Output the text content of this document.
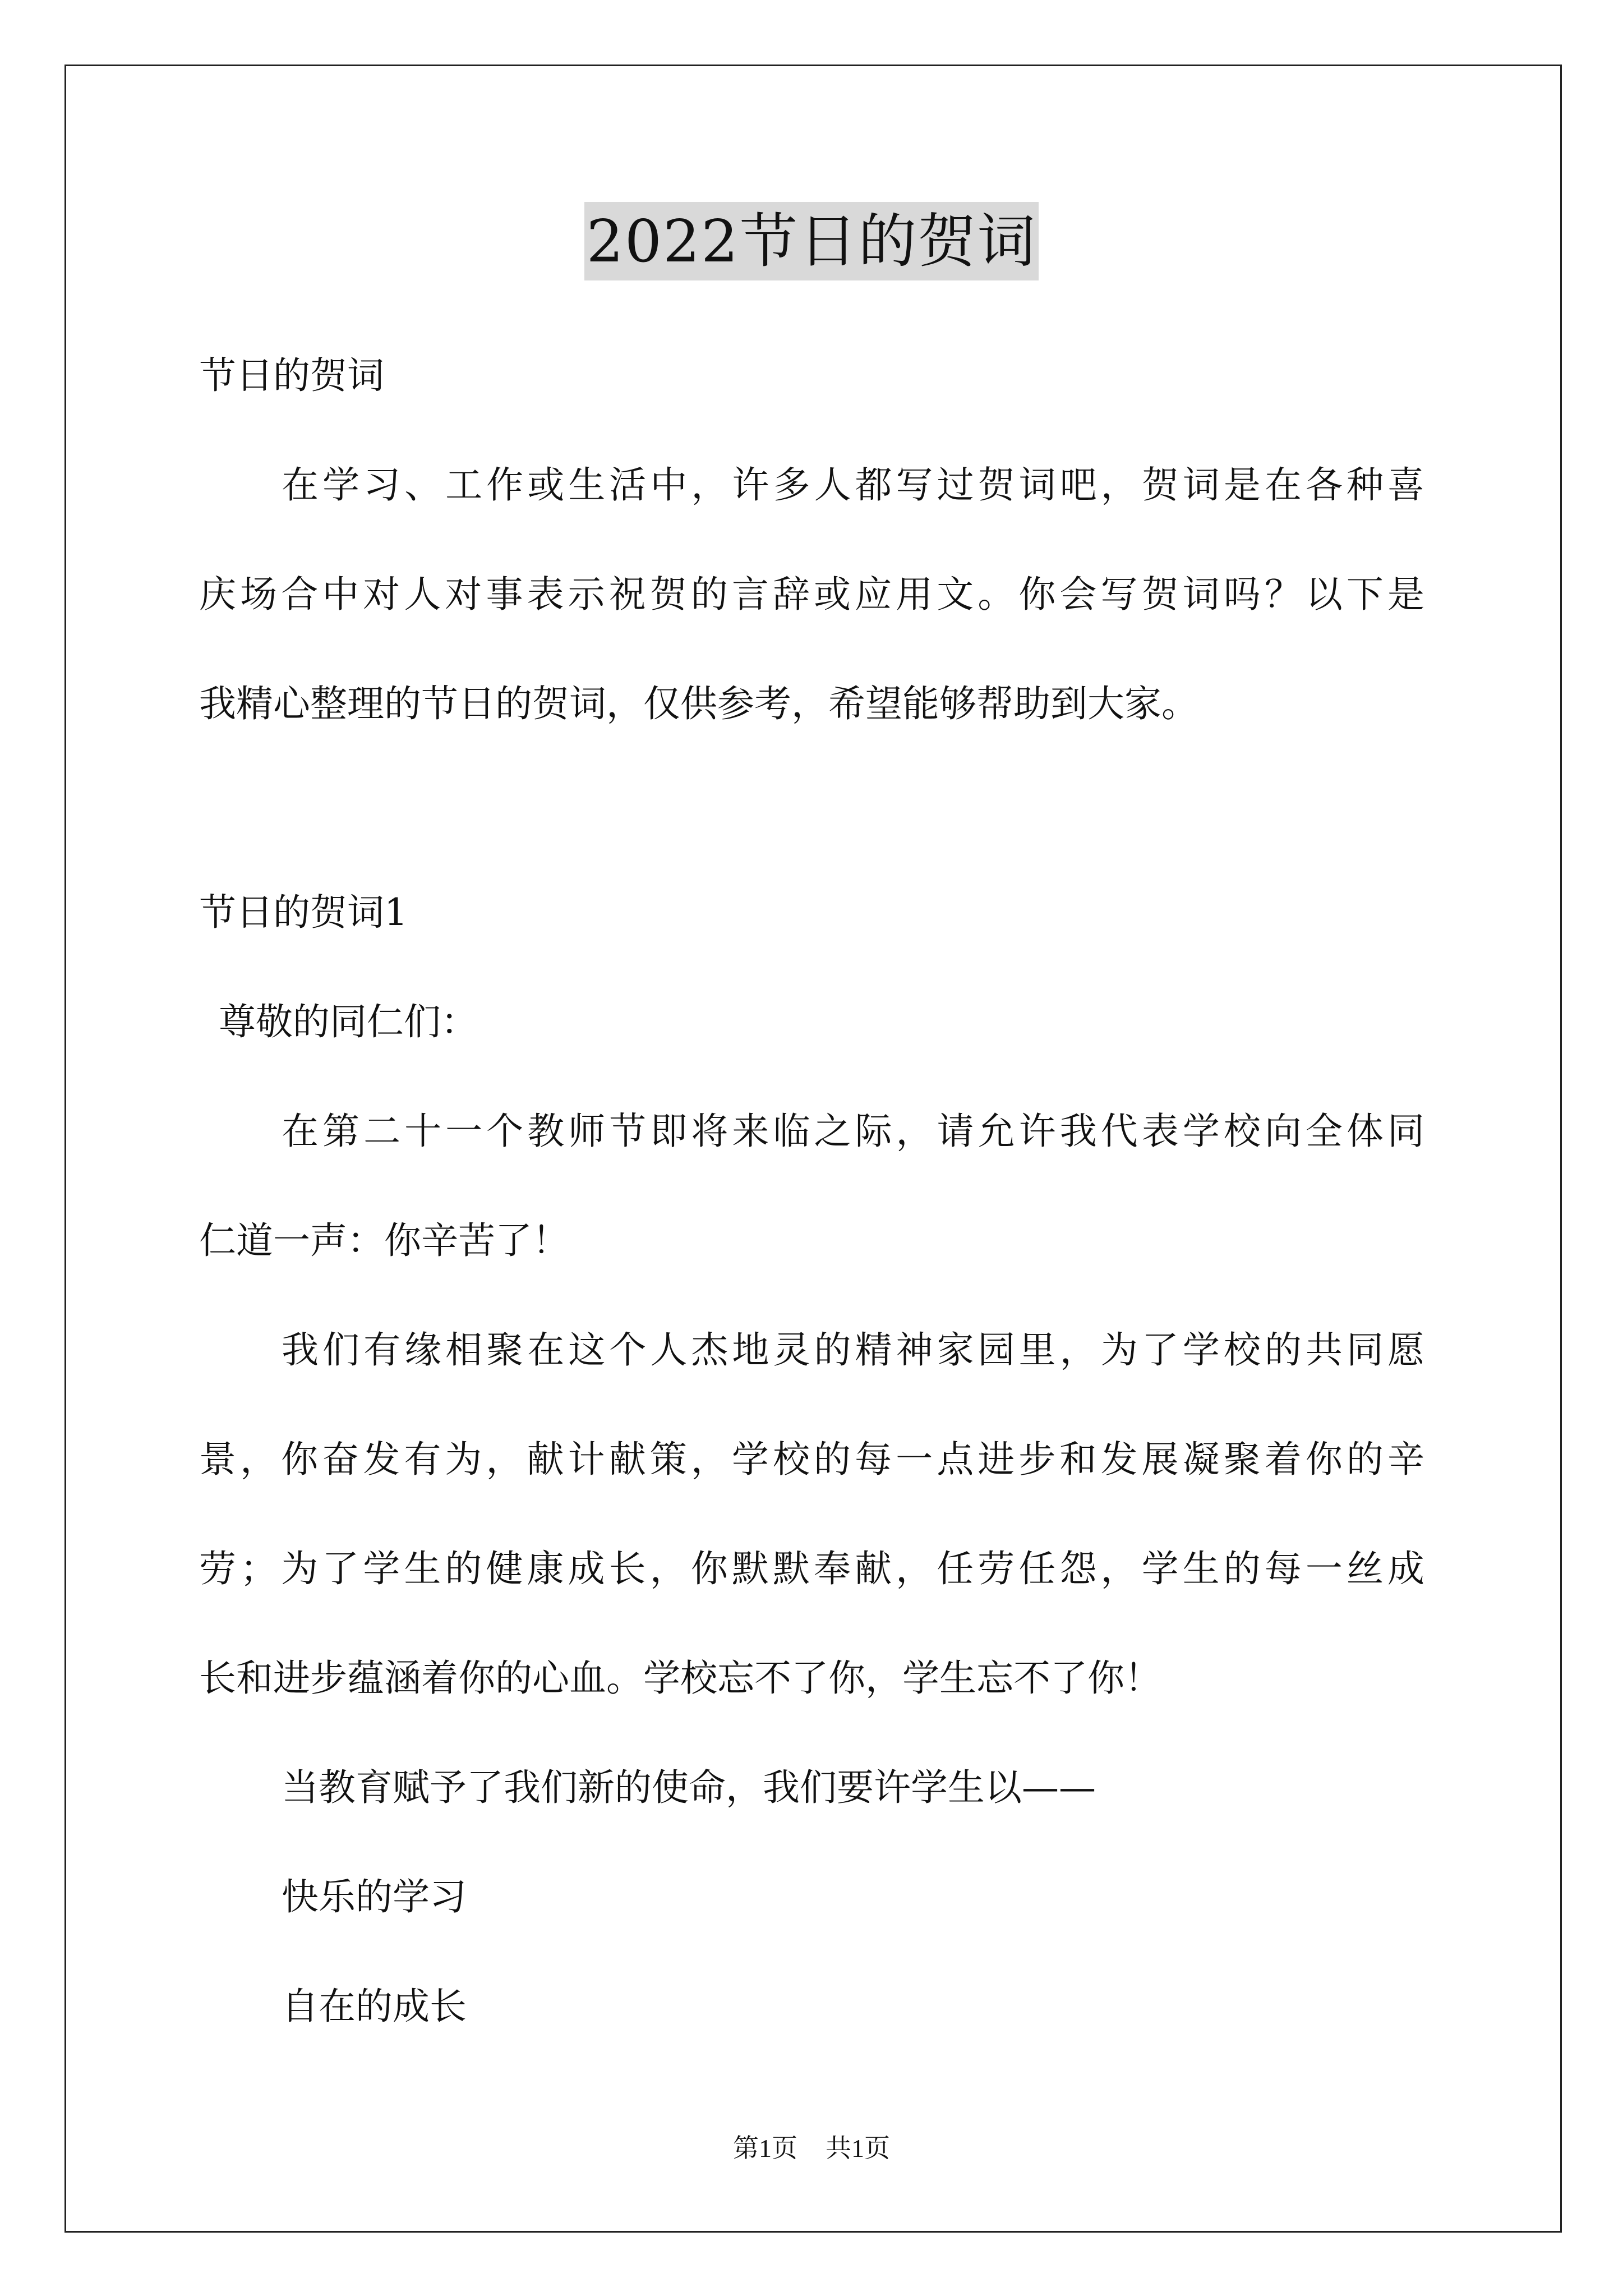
2022节日的贺词
节日的贺词
在学习、工作或生活中，许多人都写过贺词吧，贺词是在各种喜
庆场合中对人对事表示祝贺的言辞或应用文。你会写贺词吗？以下是
我精心整理的节日的贺词，仅供参考，希望能够帮助到大家。
节日的贺词1
尊敬的同仁们：
在第二十一个教师节即将来临之际，请允许我代表学校向全体同
仁道一声：你辛苦了！
我们有缘相聚在这个人杰地灵的精神家园里，为了学校的共同愿
景，你奋发有为，献计献策，学校的每一点进步和发展凝聚着你的辛
劳；为了学生的健康成长，你默默奉献，任劳任怨，学生的每一丝成
长和进步蕴涵着你的心血。学校忘不了你，学生忘不了你！
当教育赋予了我们新的使命，我们要许学生以——
快乐的学习
自在的成长
第1页 共1页
